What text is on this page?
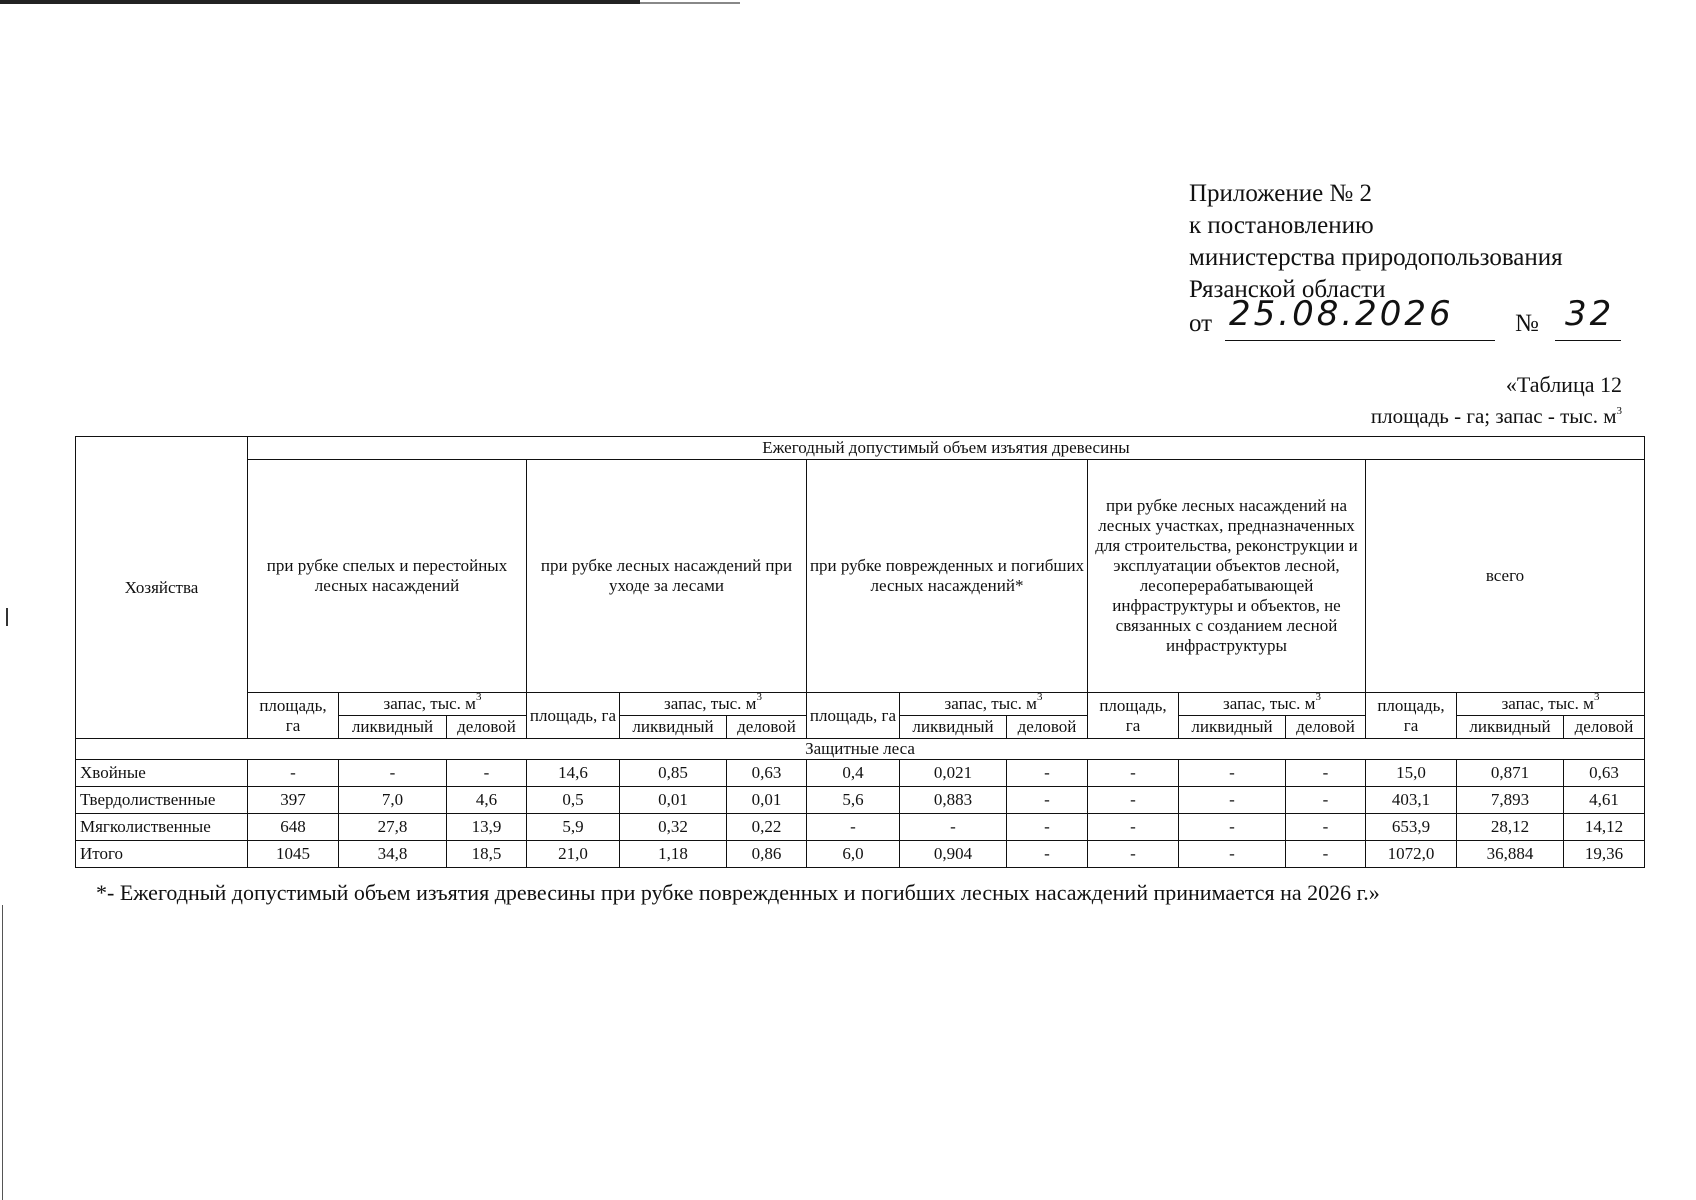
Приложение № 2
к постановлению
министерства природопользования
Рязанской области
от 25.08.2026 № 32
«Таблица 12
площадь - га; запас - тыс. $м^3$
Хозяйства	Ежегодный допустимый объем изъятия древесины														
	при рубке спелых и перестойных лесных насаждений			при рубке лесных насаждений при уходе за лесами			при рубке поврежденных и погибших лесных насаждений*			при рубке лесных насаждений на лесных участках, предназначенных для строительства, реконструкции и эксплуатации объектов лесной, лесоперерабатывающей инфраструктуры и объектов, не связанных с созданием лесной инфраструктуры			всего		
	площадь, га	запас, тыс. $м^3$		площадь, га	запас, тыс. $м^3$		площадь, га	запас, тыс. $м^3$		площадь, га	запас, тыс. $м^3$		площадь, га	запас, тыс. $м^3$
		ликвидный	деловой		ликвидный	деловой		ликвидный	деловой		ликвидный	деловой		ликвидный	деловой
Защитные леса															
Хвойные	-	-	-	14,6	0,85	0,63	0,4	0,021	-	-	-	-	15,0	0,871	0,63
Твердолиственные	397	7,0	4,6	0,5	0,01	0,01	5,6	0,883	-	-	-	-	403,1	7,893	4,61
Мягколиственные	648	27,8	13,9	5,9	0,32	0,22	-	-	-	-	-	-	653,9	28,12	14,12
Итого	1045	34,8	18,5	21,0	1,18	0,86	6,0	0,904	-	-	-	-	1072,0	36,884	19,36
*- Ежегодный допустимый объем изъятия древесины при рубке поврежденных и погибших лесных насаждений принимается на 2026 г.»
